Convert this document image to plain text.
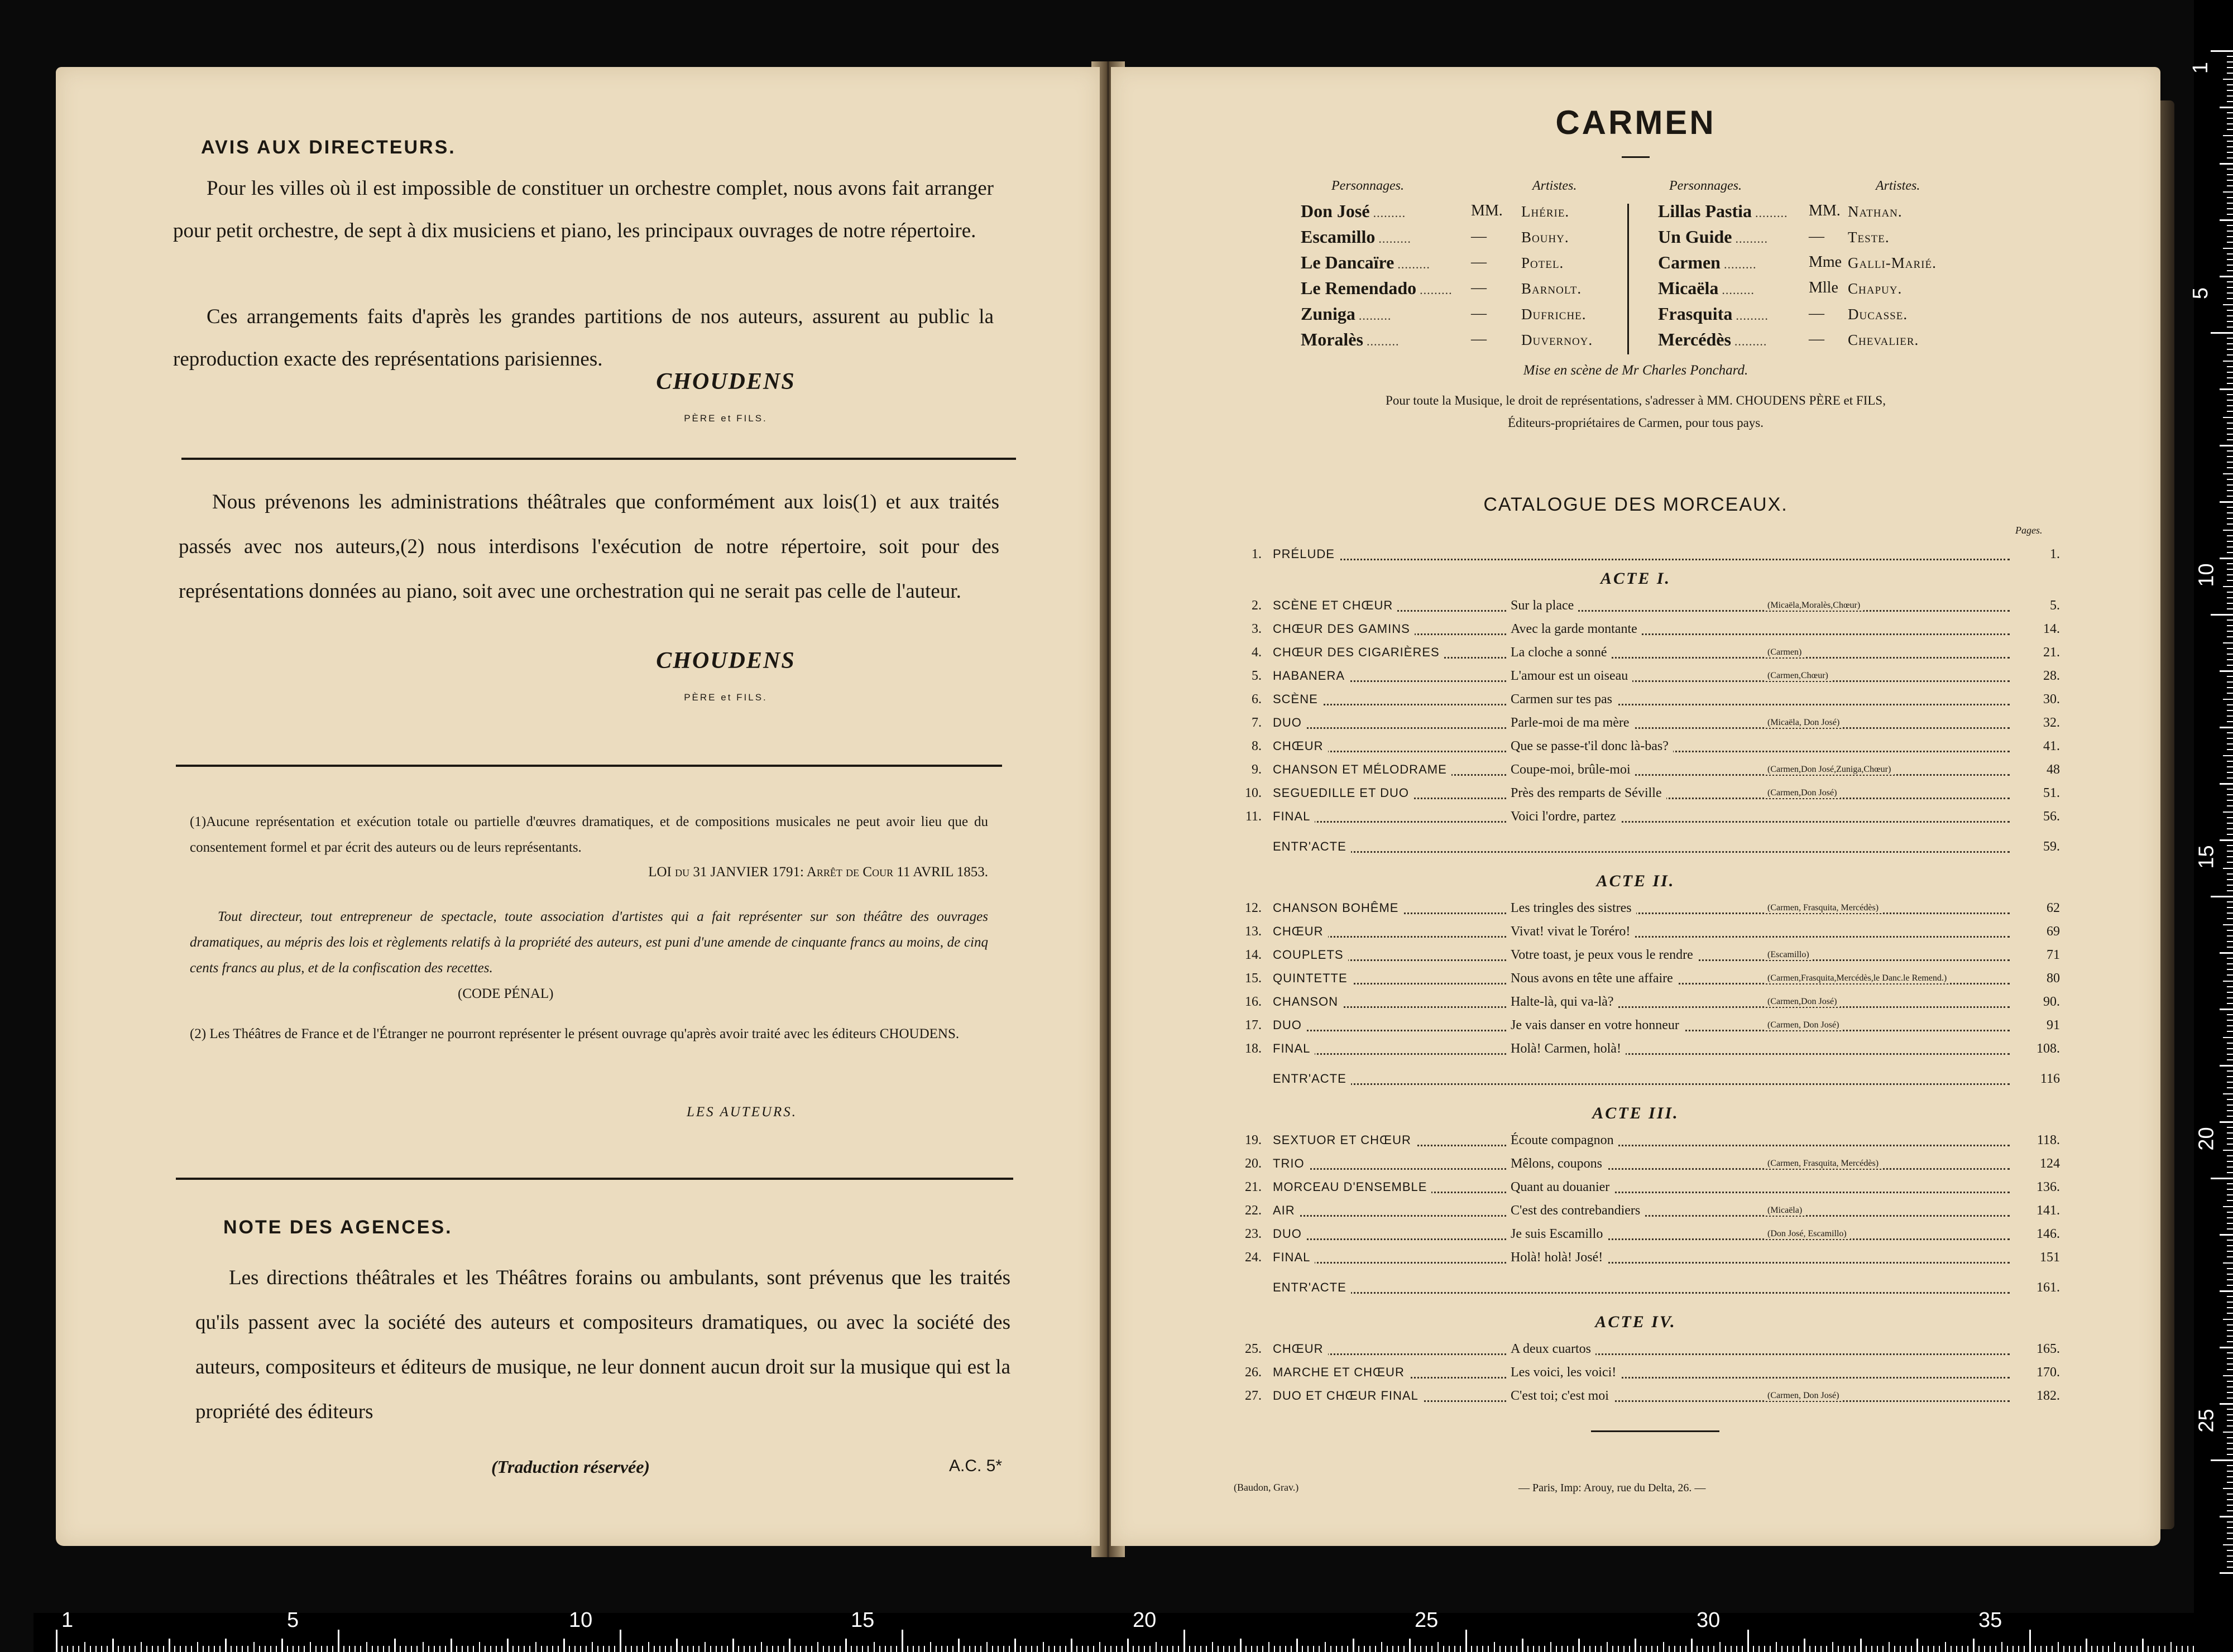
AVIS AUX DIRECTEURS.
Pour les villes où il est impossible de constituer un orchestre complet, nous avons fait arranger pour petit orchestre, de sept à dix musiciens et piano, les principaux ouvrages de notre répertoire.
Ces arrangements faits d'après les grandes partitions de nos auteurs, assurent au public la reproduction exacte des représentations parisiennes.
CHOUDENS
PÈRE et FILS.
Nous prévenons les administrations théâtrales que conformément aux lois(1) et aux traités passés avec nos auteurs,(2) nous interdisons l'exécution de notre répertoire, soit pour des représentations données au piano, soit avec une orchestration qui ne serait pas celle de l'auteur.
CHOUDENS
PÈRE et FILS.
(1)Aucune représentation et exécution totale ou partielle d'œuvres dramatiques, et de compositions musicales ne peut avoir lieu que du consentement formel et par écrit des auteurs ou de leurs représentants.
LOI du 31 JANVIER 1791: Arrêt de Cour 11 AVRIL 1853.
Tout directeur, tout entrepreneur de spectacle, toute association d'artistes qui a fait représenter sur son théâtre des ouvrages dramatiques, au mépris des lois et règlements relatifs à la propriété des auteurs, est puni d'une amende de cinquante francs au moins, de cinq cents francs au plus, et de la confiscation des recettes.
(CODE PÉNAL)
(2) Les Théâtres de France et de l'Étranger ne pourront représenter le présent ouvrage qu'après avoir traité avec les éditeurs CHOUDENS.
LES AUTEURS.
NOTE DES AGENCES.
Les directions théâtrales et les Théâtres forains ou ambulants, sont prévenus que les traités qu'ils passent avec la société des auteurs et compositeurs dramatiques, ou avec la société des auteurs, compositeurs et éditeurs de musique, ne leur donnent aucun droit sur la musique qui est la propriété des éditeurs
(Traduction réservée)	A.C. 5*
CARMEN
Personnages.	Artistes.	Personnages.	Artistes.
Mise en scène de Mr Charles Ponchard.
Pour toute la Musique, le droit de représentations, s'adresser à MM. CHOUDENS PÈRE et FILS,
Éditeurs-propriétaires de Carmen, pour tous pays.
CATALOGUE DES MORCEAUX.
Pages.
1. PRÉLUDE	1.
ACTE I.
2. SCÈNE ET CHŒUR	Sur la place	(Micaëla,Moralès,Chœur)	5.
3. CHŒUR DES GAMINS	Avec la garde montante	14.
4. CHŒUR DES CIGARIÈRES	La cloche a sonné	(Carmen)	21.
5. HABANERA	L'amour est un oiseau	(Carmen,Chœur)	28.
6. SCÈNE	Carmen sur tes pas	30.
7. DUO	Parle-moi de ma mère	(Micaëla, Don José)	32.
8. CHŒUR	Que se passe-t'il donc là-bas?	41.
9. CHANSON ET MÉLODRAME	Coupe-moi, brûle-moi	(Carmen,Don José,Zuniga,Chœur)	48
10. SEGUEDILLE ET DUO	Près des remparts de Séville	(Carmen,Don José)	51.
11. FINAL	Voici l'ordre, partez	56.
ENTR'ACTE	59.
ACTE II.
12. CHANSON BOHÊME	Les tringles des sistres	(Carmen, Frasquita, Mercédès)	62
13. CHŒUR	Vivat! vivat le Toréro!	69
14. COUPLETS	Votre toast, je peux vous le rendre	(Escamillo)	71
15. QUINTETTE	Nous avons en tête une affaire	(Carmen,Frasquita,Mercédès,le Danc.le Remend.)	80
16. CHANSON	Halte-là, qui va-là?	(Carmen,Don José)	90.
17. DUO	Je vais danser en votre honneur	(Carmen, Don José)	91
18. FINAL	Holà! Carmen, holà!	108.
ENTR'ACTE	116
ACTE III.
19. SEXTUOR ET CHŒUR	Écoute compagnon	118.
20. TRIO	Mêlons, coupons	(Carmen, Frasquita, Mercédès)	124
21. MORCEAU D'ENSEMBLE	Quant au douanier	136.
22. AIR	C'est des contrebandiers	(Micaëla)	141.
23. DUO	Je suis Escamillo	(Don José, Escamillo)	146.
24. FINAL	Holà! holà! José!	151
ENTR'ACTE	161.
ACTE IV.
25. CHŒUR	A deux cuartos	165.
26. MARCHE ET CHŒUR	Les voici, les voici!	170.
27. DUO ET CHŒUR FINAL	C'est toi; c'est moi	(Carmen, Don José)	182.
(Baudon, Grav.)	— Paris, Imp: Arouy, rue du Delta, 26. —
Don José .........	MM. Lhérie.
Escamillo .........	— Bouhy.
Le Dancaïre .........	— Potel.
Le Remendado ......... — Barnolt.
Zuniga .........	— Dufriche.
Moralès .........	— Duvernoy.
Lillas Pastia ......... MM. Nathan.
Un Guide .........	— Teste.
Carmen .........	Mme Galli-Marié.
Micaëla .........	Mlle Chapuy.
Frasquita .........	— Ducasse.
Mercédès .........	— Chevalier.
1	5	10	15	20	25	30	35
1
5
10
15
20
25
